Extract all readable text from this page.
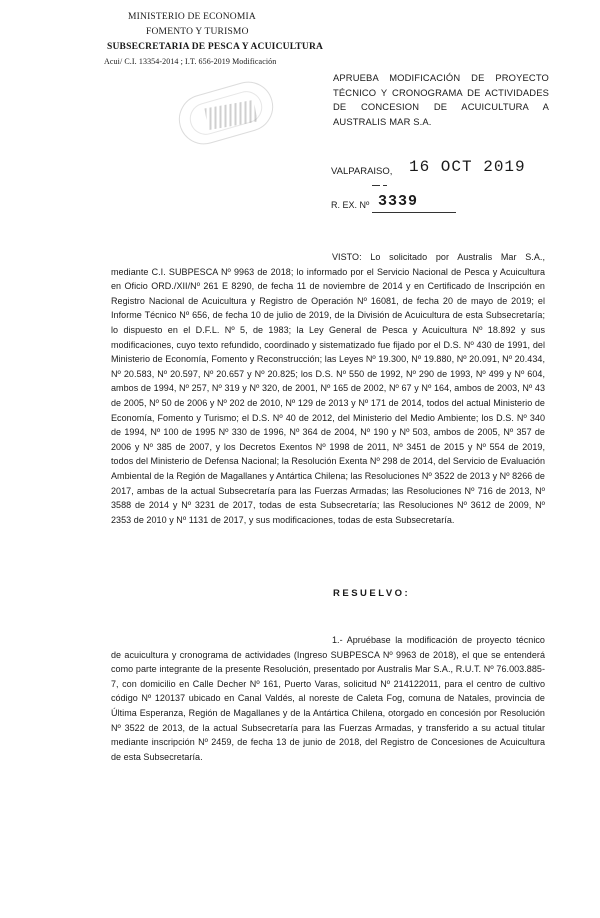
MINISTERIO DE ECONOMIA
FOMENTO Y TURISMO
SUBSECRETARIA DE PESCA Y ACUICULTURA
Acui/ C.I. 13354-2014 ; I.T. 656-2019 Modificación
APRUEBA MODIFICACIÓN DE PROYECTO TÉCNICO Y CRONOGRAMA DE ACTIVIDADES DE CONCESION DE ACUICULTURA A AUSTRALIS MAR S.A.
VALPARAISO, 16 OCT 2019
R. EX. Nº 3339
VISTO: Lo solicitado por Australis Mar S.A., mediante C.I. SUBPESCA Nº 9963 de 2018; lo informado por el Servicio Nacional de Pesca y Acuicultura en Oficio ORD./XII/Nº 261 E 8290, de fecha 11 de noviembre de 2014 y en Certificado de Inscripción en Registro Nacional de Acuicultura y Registro de Operación Nº 16081, de fecha 20 de mayo de 2019; el Informe Técnico Nº 656, de fecha 10 de julio de 2019, de la División de Acuicultura de esta Subsecretaría; lo dispuesto en el D.F.L. Nº 5, de 1983; la Ley General de Pesca y Acuicultura Nº 18.892 y sus modificaciones, cuyo texto refundido, coordinado y sistematizado fue fijado por el D.S. Nº 430 de 1991, del Ministerio de Economía, Fomento y Reconstrucción; las Leyes Nº 19.300, Nº 19.880, Nº 20.091, Nº 20.434, Nº 20.583, Nº 20.597, Nº 20.657 y Nº 20.825; los D.S. Nº 550 de 1992, Nº 290 de 1993, Nº 499 y Nº 604, ambos de 1994, Nº 257, Nº 319 y Nº 320, de 2001, Nº 165 de 2002, Nº 67 y Nº 164, ambos de 2003, Nº 43 de 2005, Nº 50 de 2006 y Nº 202 de 2010, Nº 129 de 2013 y Nº 171 de 2014, todos del actual Ministerio de Economía, Fomento y Turismo; el D.S. Nº 40 de 2012, del Ministerio del Medio Ambiente; los D.S. Nº 340 de 1994, Nº 100 de 1995 Nº 330 de 1996, Nº 364 de 2004, Nº 190 y Nº 503, ambos de 2005, Nº 357 de 2006 y Nº 385 de 2007, y los Decretos Exentos Nº 1998 de 2011, Nº 3451 de 2015 y Nº 554 de 2019, todos del Ministerio de Defensa Nacional; la Resolución Exenta Nº 298 de 2014, del Servicio de Evaluación Ambiental de la Región de Magallanes y Antártica Chilena; las Resoluciones Nº 3522 de 2013 y Nº 8266 de 2017, ambas de la actual Subsecretaría para las Fuerzas Armadas; las Resoluciones Nº 716 de 2013, Nº 3588 de 2014 y Nº 3231 de 2017, todas de esta Subsecretaría; las Resoluciones Nº 3612 de 2009, Nº 2353 de 2010 y Nº 1131 de 2017, y sus modificaciones, todas de esta Subsecretaría.
RESUELVO:
1.- Apruébase la modificación de proyecto técnico de acuicultura y cronograma de actividades (Ingreso SUBPESCA Nº 9963 de 2018), el que se entenderá como parte integrante de la presente Resolución, presentado por Australis Mar S.A., R.U.T. Nº 76.003.885-7, con domicilio en Calle Decher Nº 161, Puerto Varas, solicitud Nº 214122011, para el centro de cultivo código Nº 120137 ubicado en Canal Valdés, al noreste de Caleta Fog, comuna de Natales, provincia de Última Esperanza, Región de Magallanes y de la Antártica Chilena, otorgado en concesión por Resolución Nº 3522 de 2013, de la actual Subsecretaría para las Fuerzas Armadas, y transferido a su actual titular mediante inscripción Nº 2459, de fecha 13 de junio de 2018, del Registro de Concesiones de Acuicultura de esta Subsecretaría.
